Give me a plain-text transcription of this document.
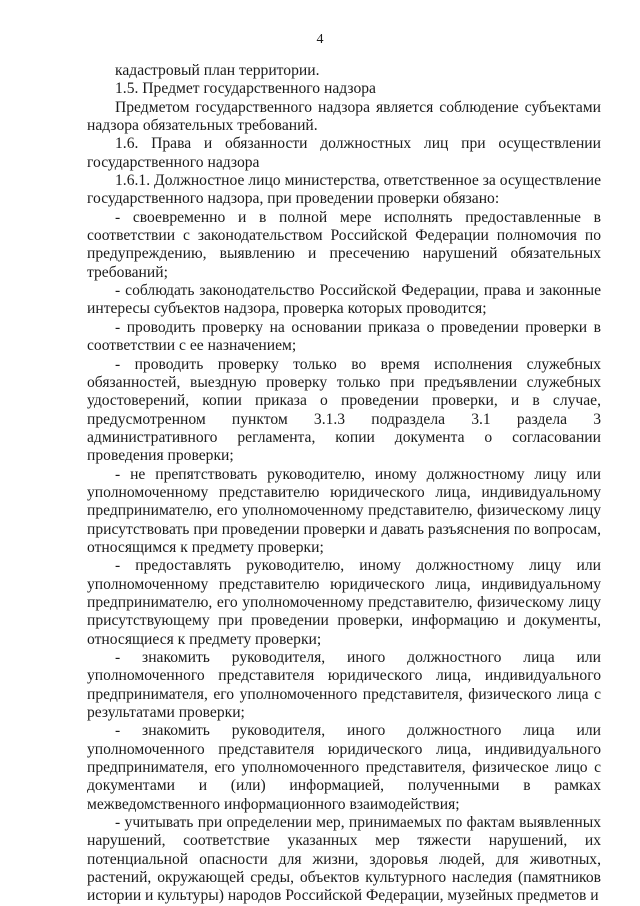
4

кадастровый план территории.

1.5. Предмет государственного надзора

Предметом государственного надзора является соблюдение субъектами надзора обязательных требований.

1.6. Права и обязанности должностных лиц при осуществлении государственного надзора

1.6.1. Должностное лицо министерства, ответственное за осуществление государственного надзора, при проведении проверки обязано:

- своевременно и в полной мере исполнять предоставленные в соответствии с законодательством Российской Федерации полномочия по предупреждению, выявлению и пресечению нарушений обязательных требований;

- соблюдать законодательство Российской Федерации, права и законные интересы субъектов надзора, проверка которых проводится;

- проводить проверку на основании приказа о проведении проверки в соответствии с ее назначением;

- проводить проверку только во время исполнения служебных обязанностей, выездную проверку только при предъявлении служебных удостоверений, копии приказа о проведении проверки, и в случае, предусмотренном пунктом 3.1.3 подраздела 3.1 раздела 3 административного регламента, копии документа о согласовании проведения проверки;

- не препятствовать руководителю, иному должностному лицу или уполномоченному представителю юридического лица, индивидуальному предпринимателю, его уполномоченному представителю, физическому лицу присутствовать при проведении проверки и давать разъяснения по вопросам, относящимся к предмету проверки;

- предоставлять руководителю, иному должностному лицу или уполномоченному представителю юридического лица, индивидуальному предпринимателю, его уполномоченному представителю, физическому лицу присутствующему при проведении проверки, информацию и документы, относящиеся к предмету проверки;

- знакомить руководителя, иного должностного лица или уполномоченного представителя юридического лица, индивидуального предпринимателя, его уполномоченного представителя, физического лица с результатами проверки;

- знакомить руководителя, иного должностного лица или уполномоченного представителя юридического лица, индивидуального предпринимателя, его уполномоченного представителя, физическое лицо с документами и (или) информацией, полученными в рамках межведомственного информационного взаимодействия;

- учитывать при определении мер, принимаемых по фактам выявленных нарушений, соответствие указанных мер тяжести нарушений, их потенциальной опасности для жизни, здоровья людей, для животных, растений, окружающей среды, объектов культурного наследия (памятников истории и культуры) народов Российской Федерации, музейных предметов и
